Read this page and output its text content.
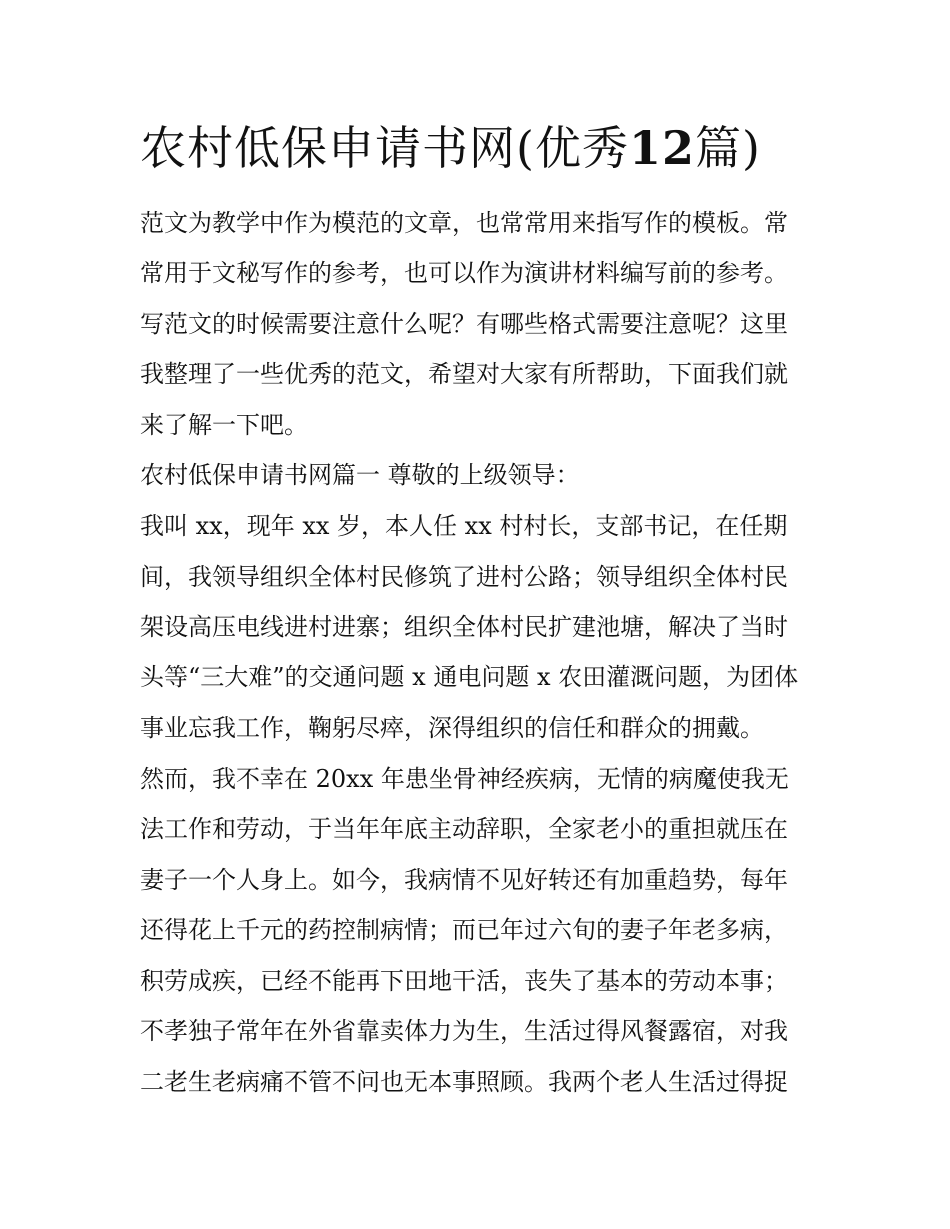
农村低保申请书网(优秀12篇)

范文为教学中作为模范的文章，也常常用来指写作的模板。常

常用于文秘写作的参考，也可以作为演讲材料编写前的参考。

写范文的时候需要注意什么呢？有哪些格式需要注意呢？这里

我整理了一些优秀的范文，希望对大家有所帮助，下面我们就

来了解一下吧。

农村低保申请书网篇一 尊敬的上级领导：

我叫 xx，现年 xx 岁，本人任 xx 村村长，支部书记，在任期

间，我领导组织全体村民修筑了进村公路；领导组织全体村民

架设高压电线进村进寨；组织全体村民扩建池塘，解决了当时

头等“三大难”的交通问题 x 通电问题 x 农田灌溉问题，为团体

事业忘我工作，鞠躬尽瘁，深得组织的信任和群众的拥戴。

然而，我不幸在 20xx 年患坐骨神经疾病，无情的病魔使我无

法工作和劳动，于当年年底主动辞职，全家老小的重担就压在

妻子一个人身上。如今，我病情不见好转还有加重趋势，每年

还得花上千元的药控制病情；而已年过六旬的妻子年老多病，

积劳成疾，已经不能再下田地干活，丧失了基本的劳动本事；

不孝独子常年在外省靠卖体力为生，生活过得风餐露宿，对我

二老生老病痛不管不问也无本事照顾。我两个老人生活过得捉
